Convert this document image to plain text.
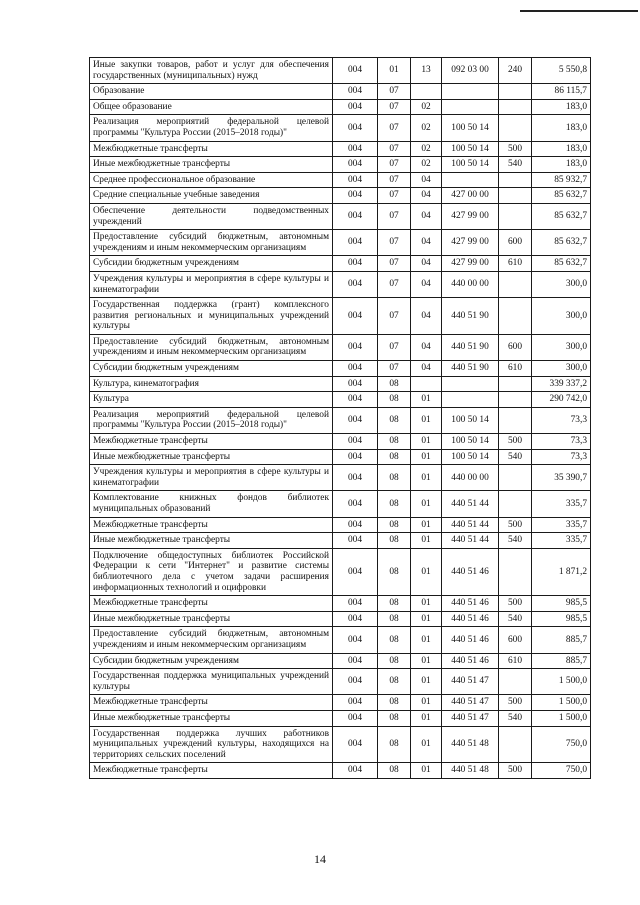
Иные закупки товаров, работ и услуг для обеспечения государственных (муниципальных) нужд	004	01	13	092 03 00	240	5 550,8
Образование	004	07				86 115,7
Общее образование	004	07	02			183,0
Реализация мероприятий федеральной целевой программы "Культура России (2015–2018 годы)"	004	07	02	100 50 14		183,0
Межбюджетные трансферты	004	07	02	100 50 14	500	183,0
Иные межбюджетные трансферты	004	07	02	100 50 14	540	183,0
Среднее профессиональное образование	004	07	04			85 932,7
Средние специальные учебные заведения	004	07	04	427 00 00		85 632,7
Обеспечение деятельности подведомственных учреждений	004	07	04	427 99 00		85 632,7
Предоставление субсидий бюджетным, автономным учреждениям и иным некоммерческим организациям	004	07	04	427 99 00	600	85 632,7
Субсидии бюджетным учреждениям	004	07	04	427 99 00	610	85 632,7
Учреждения культуры и мероприятия в сфере культуры и кинематографии	004	07	04	440 00 00		300,0
Государственная поддержка (грант) комплексного развития региональных и муниципальных учреждений культуры	004	07	04	440 51 90		300,0
Предоставление субсидий бюджетным, автономным учреждениям и иным некоммерческим организациям	004	07	04	440 51 90	600	300,0
Субсидии бюджетным учреждениям	004	07	04	440 51 90	610	300,0
Культура, кинематография	004	08				339 337,2
Культура	004	08	01			290 742,0
Реализация мероприятий федеральной целевой программы "Культура России (2015–2018 годы)"	004	08	01	100 50 14		73,3
Межбюджетные трансферты	004	08	01	100 50 14	500	73,3
Иные межбюджетные трансферты	004	08	01	100 50 14	540	73,3
Учреждения культуры и мероприятия в сфере культуры и кинематографии	004	08	01	440 00 00		35 390,7
Комплектование книжных фондов библиотек муниципальных образований	004	08	01	440 51 44		335,7
Межбюджетные трансферты	004	08	01	440 51 44	500	335,7
Иные межбюджетные трансферты	004	08	01	440 51 44	540	335,7
Подключение общедоступных библиотек Российской Федерации к сети "Интернет" и развитие системы библиотечного дела с учетом задачи расширения информационных технологий и оцифровки	004	08	01	440 51 46		1 871,2
Межбюджетные трансферты	004	08	01	440 51 46	500	985,5
Иные межбюджетные трансферты	004	08	01	440 51 46	540	985,5
Предоставление субсидий бюджетным, автономным учреждениям и иным некоммерческим организациям	004	08	01	440 51 46	600	885,7
Субсидии бюджетным учреждениям	004	08	01	440 51 46	610	885,7
Государственная поддержка муниципальных учреждений культуры	004	08	01	440 51 47		1 500,0
Межбюджетные трансферты	004	08	01	440 51 47	500	1 500,0
Иные межбюджетные трансферты	004	08	01	440 51 47	540	1 500,0
Государственная поддержка лучших работников муниципальных учреждений культуры, находящихся на территориях сельских поселений	004	08	01	440 51 48		750,0
Межбюджетные трансферты	004	08	01	440 51 48	500	750,0
14
